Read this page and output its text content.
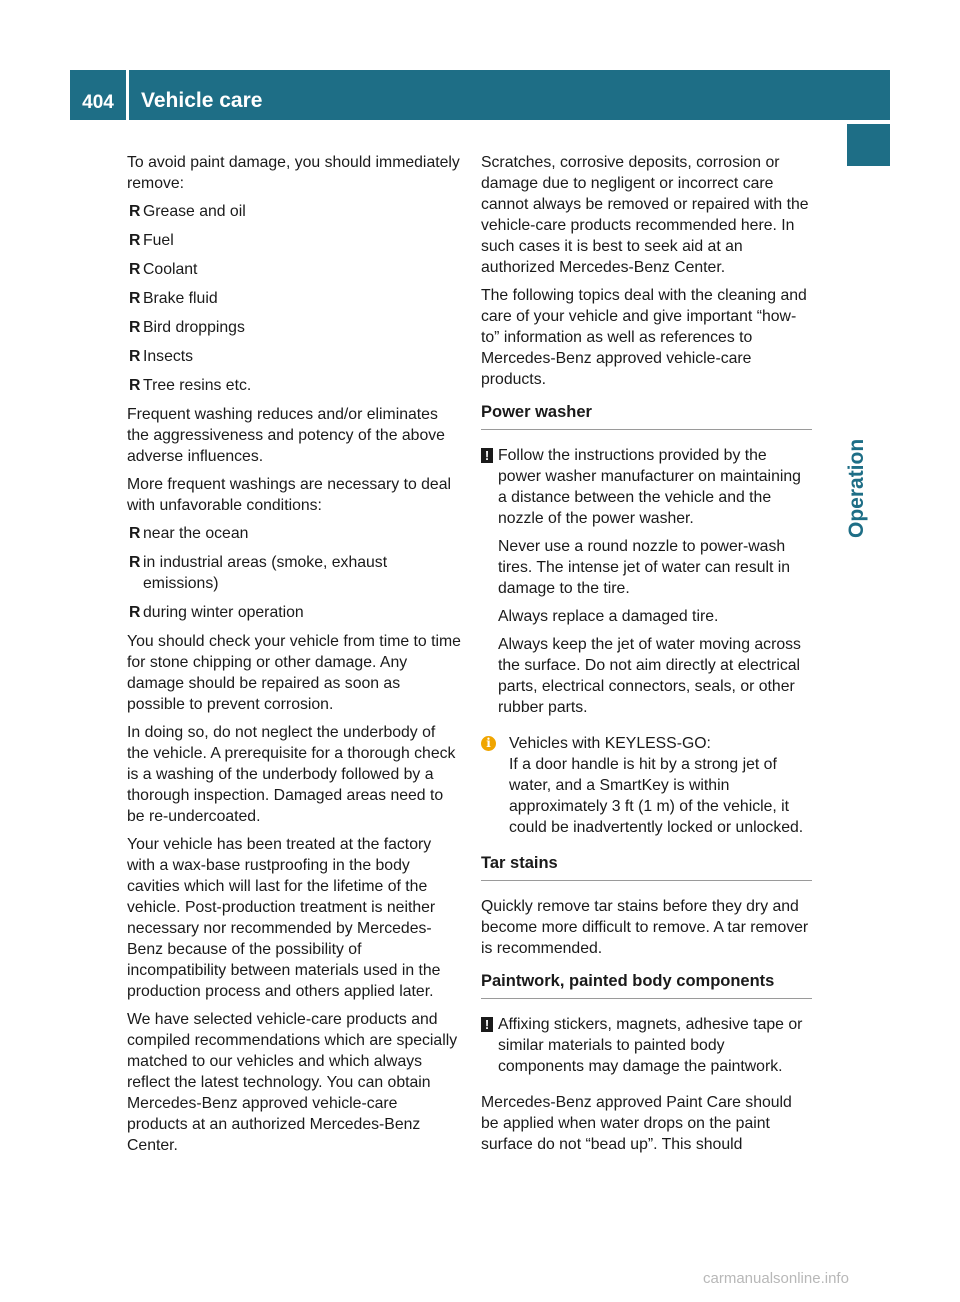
404	Vehicle care
Operation

To avoid paint damage, you should immediately remove:

R Grease and oil
R Fuel
R Coolant
R Brake fluid
R Bird droppings
R Insects
R Tree resins etc.

Frequent washing reduces and/or eliminates the aggressiveness and potency of the above adverse influences.

More frequent washings are necessary to deal with unfavorable conditions:

R near the ocean
R in industrial areas (smoke, exhaust emissions)
R during winter operation

You should check your vehicle from time to time for stone chipping or other damage. Any damage should be repaired as soon as possible to prevent corrosion.

In doing so, do not neglect the underbody of the vehicle. A prerequisite for a thorough check is a washing of the underbody followed by a thorough inspection. Damaged areas need to be re-undercoated.

Your vehicle has been treated at the factory with a wax-base rustproofing in the body cavities which will last for the lifetime of the vehicle. Post-production treatment is neither necessary nor recommended by Mercedes-Benz because of the possibility of incompatibility between materials used in the production process and others applied later.

We have selected vehicle-care products and compiled recommendations which are specially matched to our vehicles and which always reflect the latest technology. You can obtain Mercedes-Benz approved vehicle-care products at an authorized Mercedes-Benz Center.

Scratches, corrosive deposits, corrosion or damage due to negligent or incorrect care cannot always be removed or repaired with the vehicle-care products recommended here. In such cases it is best to seek aid at an authorized Mercedes-Benz Center.

The following topics deal with the cleaning and care of your vehicle and give important “how-to” information as well as references to Mercedes-Benz approved vehicle-care products.

Power washer
! Follow the instructions provided by the power washer manufacturer on maintaining a distance between the vehicle and the nozzle of the power washer.

Never use a round nozzle to power-wash tires. The intense jet of water can result in damage to the tire.

Always replace a damaged tire.

Always keep the jet of water moving across the surface. Do not aim directly at electrical parts, electrical connectors, seals, or other rubber parts.

i	Vehicles with KEYLESS-GO:
If a door handle is hit by a strong jet of water, and a SmartKey is within approximately 3 ft (1 m) of the vehicle, it could be inadvertently locked or unlocked.
Tar stains

Quickly remove tar stains before they dry and become more difficult to remove. A tar remover is recommended.

Paintwork, painted body components
! Affixing stickers, magnets, adhesive tape or similar materials to painted body components may damage the paintwork.

Mercedes-Benz approved Paint Care should be applied when water drops on the paint surface do not “bead up”. This should

carmanualsonline.info
